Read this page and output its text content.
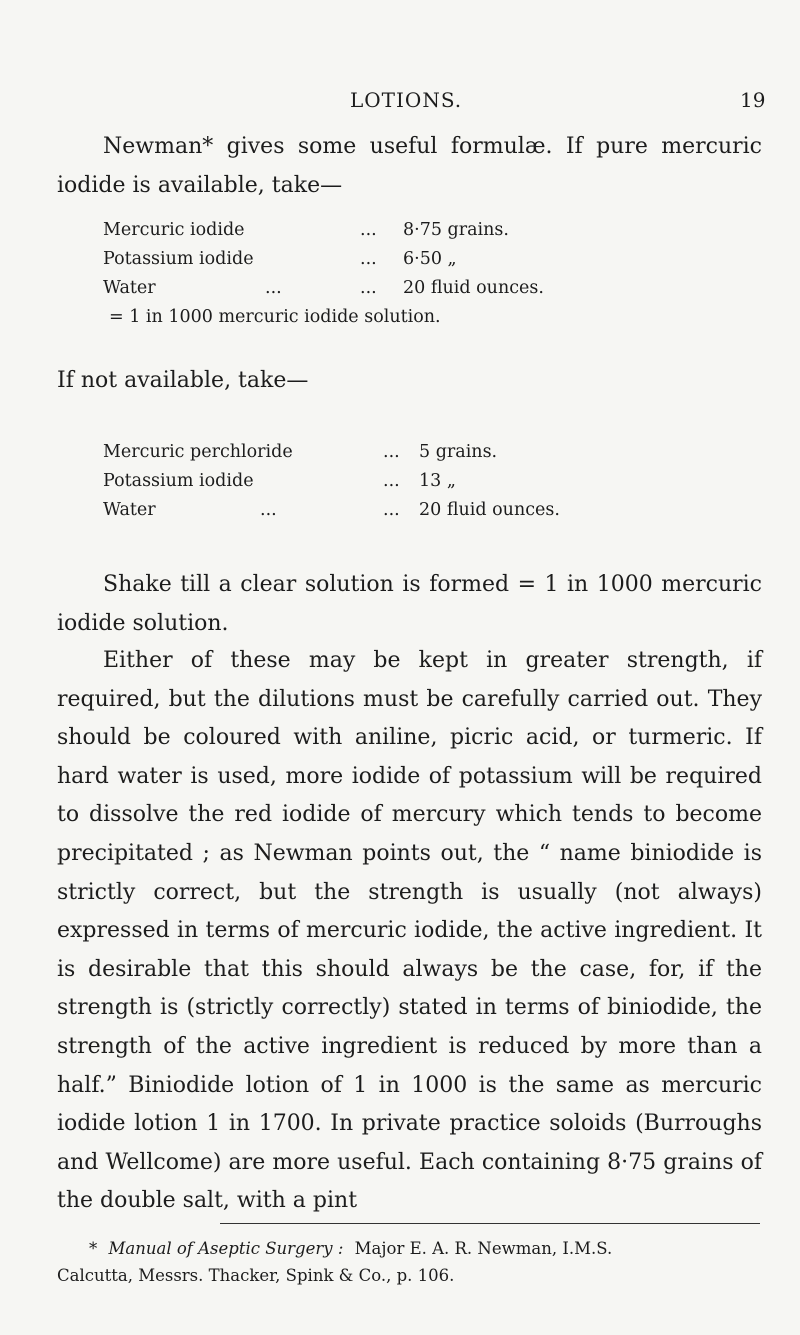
LOTIONS.	19

Newman* gives some useful formulæ. If pure mercuric iodide is available, take—

Mercuric iodide	... 8·75 grains.
Potassium iodide	... 6·50 „
Water	...	... 20 fluid ounces.
= 1 in 1000 mercuric iodide solution.

If not available, take—

Mercuric perchloride	... 5 grains.
Potassium iodide	... 13 „
Water	...	... 20 fluid ounces.

Shake till a clear solution is formed = 1 in 1000 mercuric iodide solution.

Either of these may be kept in greater strength, if required, but the dilutions must be carefully carried out. They should be coloured with aniline, picric acid, or turmeric. If hard water is used, more iodide of potassium will be required to dissolve the red iodide of mercury which tends to become precipitated ; as Newman points out, the “ name biniodide is strictly correct, but the strength is usually (not always) expressed in terms of mercuric iodide, the active ingredient. It is desirable that this should always be the case, for, if the strength is (strictly correctly) stated in terms of biniodide, the strength of the active ingredient is reduced by more than a half.” Biniodide lotion of 1 in 1000 is the same as mercuric iodide lotion 1 in 1700. In private practice soloids (Burroughs and Wellcome) are more useful. Each containing 8·75 grains of the double salt, with a pint

* Manual of Aseptic Surgery : Major E. A. R. Newman, I.M.S.
Calcutta, Messrs. Thacker, Spink & Co., p. 106.
